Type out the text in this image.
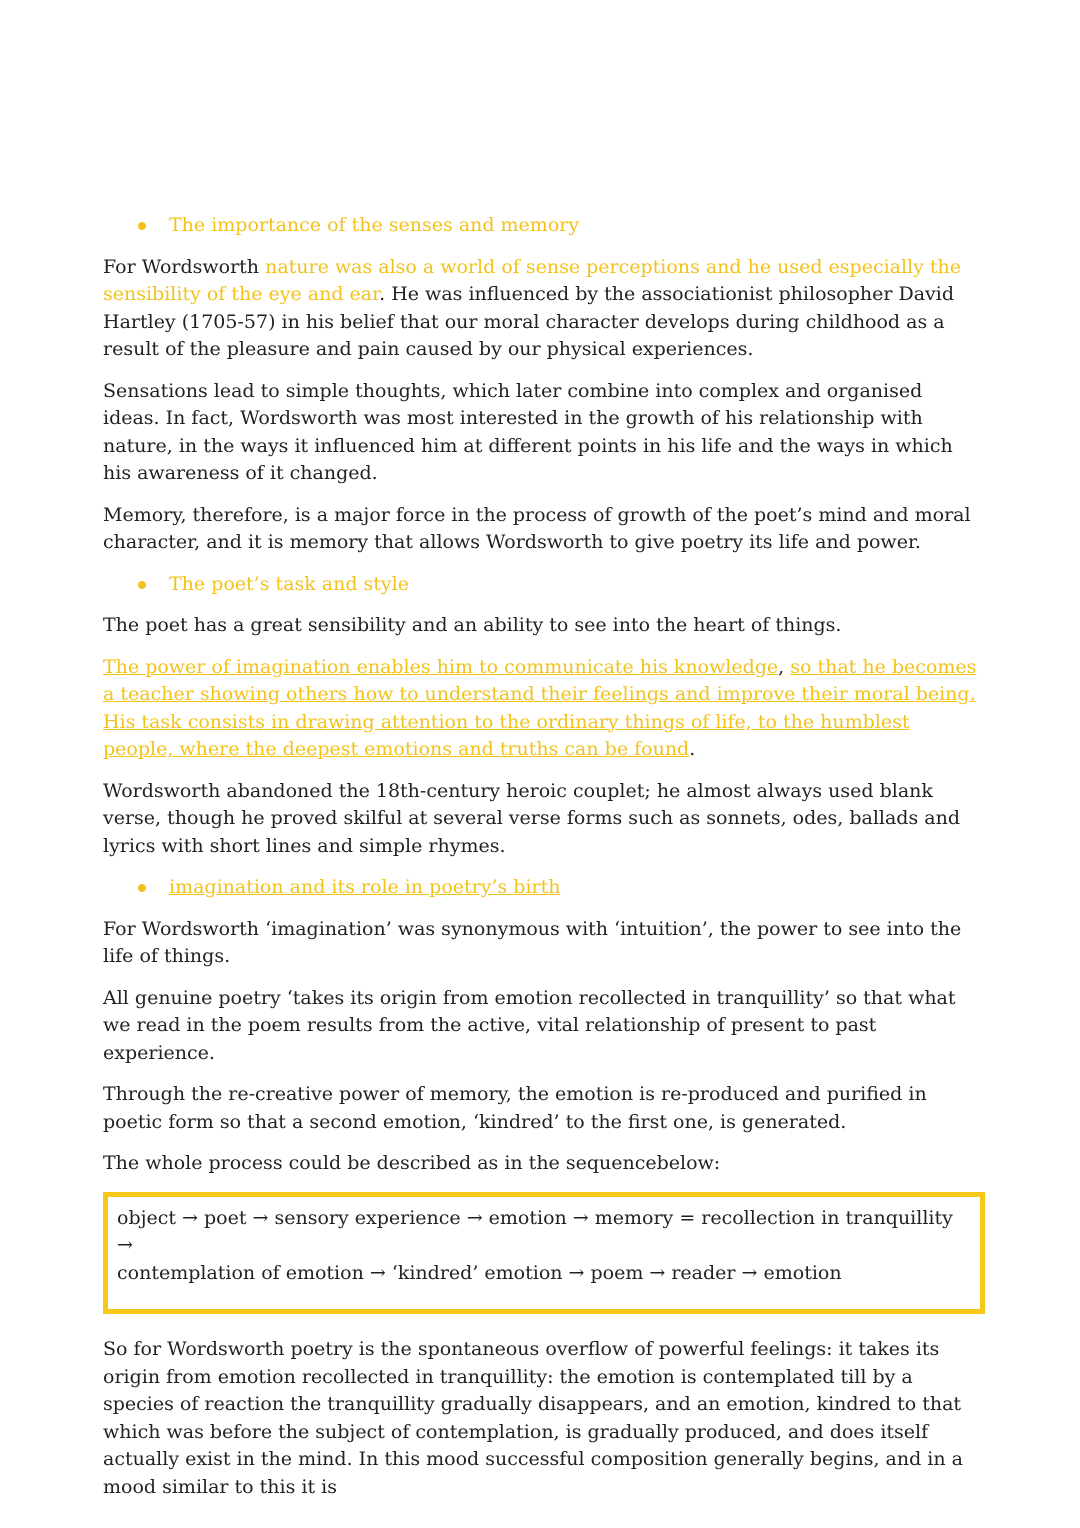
The importance of the senses and memory

For Wordsworth nature was also a world of sense perceptions and he used especially the sensibility of the eye and ear. He was influenced by the associationist philosopher David Hartley (1705-57) in his belief that our moral character develops during childhood as a result of the pleasure and pain caused by our physical experiences.

Sensations lead to simple thoughts, which later combine into complex and organised ideas. In fact, Wordsworth was most interested in the growth of his relationship with nature, in the ways it influenced him at different points in his life and the ways in which his awareness of it changed.

Memory, therefore, is a major force in the process of growth of the poet’s mind and moral character, and it is memory that allows Wordsworth to give poetry its life and power.

The poet’s task and style

The poet has a great sensibility and an ability to see into the heart of things.

The power of imagination enables him to communicate his knowledge, so that he becomes a teacher showing others how to understand their feelings and improve their moral being. His task consists in drawing attention to the ordinary things of life, to the humblest people, where the deepest emotions and truths can be found.

Wordsworth abandoned the 18th-century heroic couplet; he almost always used blank verse, though he proved skilful at several verse forms such as sonnets, odes, ballads and lyrics with short lines and simple rhymes.

imagination and its role in poetry’s birth

For Wordsworth ‘imagination’ was synonymous with ‘intuition’, the power to see into the life of things.

All genuine poetry ‘takes its origin from emotion recollected in tranquillity’ so that what we read in the poem results from the active, vital relationship of present to past experience.

Through the re-creative power of memory, the emotion is re-produced and purified in poetic form so that a second emotion, ‘kindred’ to the first one, is generated.

The whole process could be described as in the sequencebelow:

object → poet → sensory experience → emotion → memory = recollection in tranquillity →
contemplation of emotion → ‘kindred’ emotion → poem → reader → emotion

So for Wordsworth poetry is the spontaneous overflow of powerful feelings: it takes its origin from emotion recollected in tranquillity: the emotion is contemplated till by a species of reaction the tranquillity gradually disappears, and an emotion, kindred to that which was before the subject of contemplation, is gradually produced, and does itself actually exist in the mind. In this mood successful composition generally begins, and in a mood similar to this it is
